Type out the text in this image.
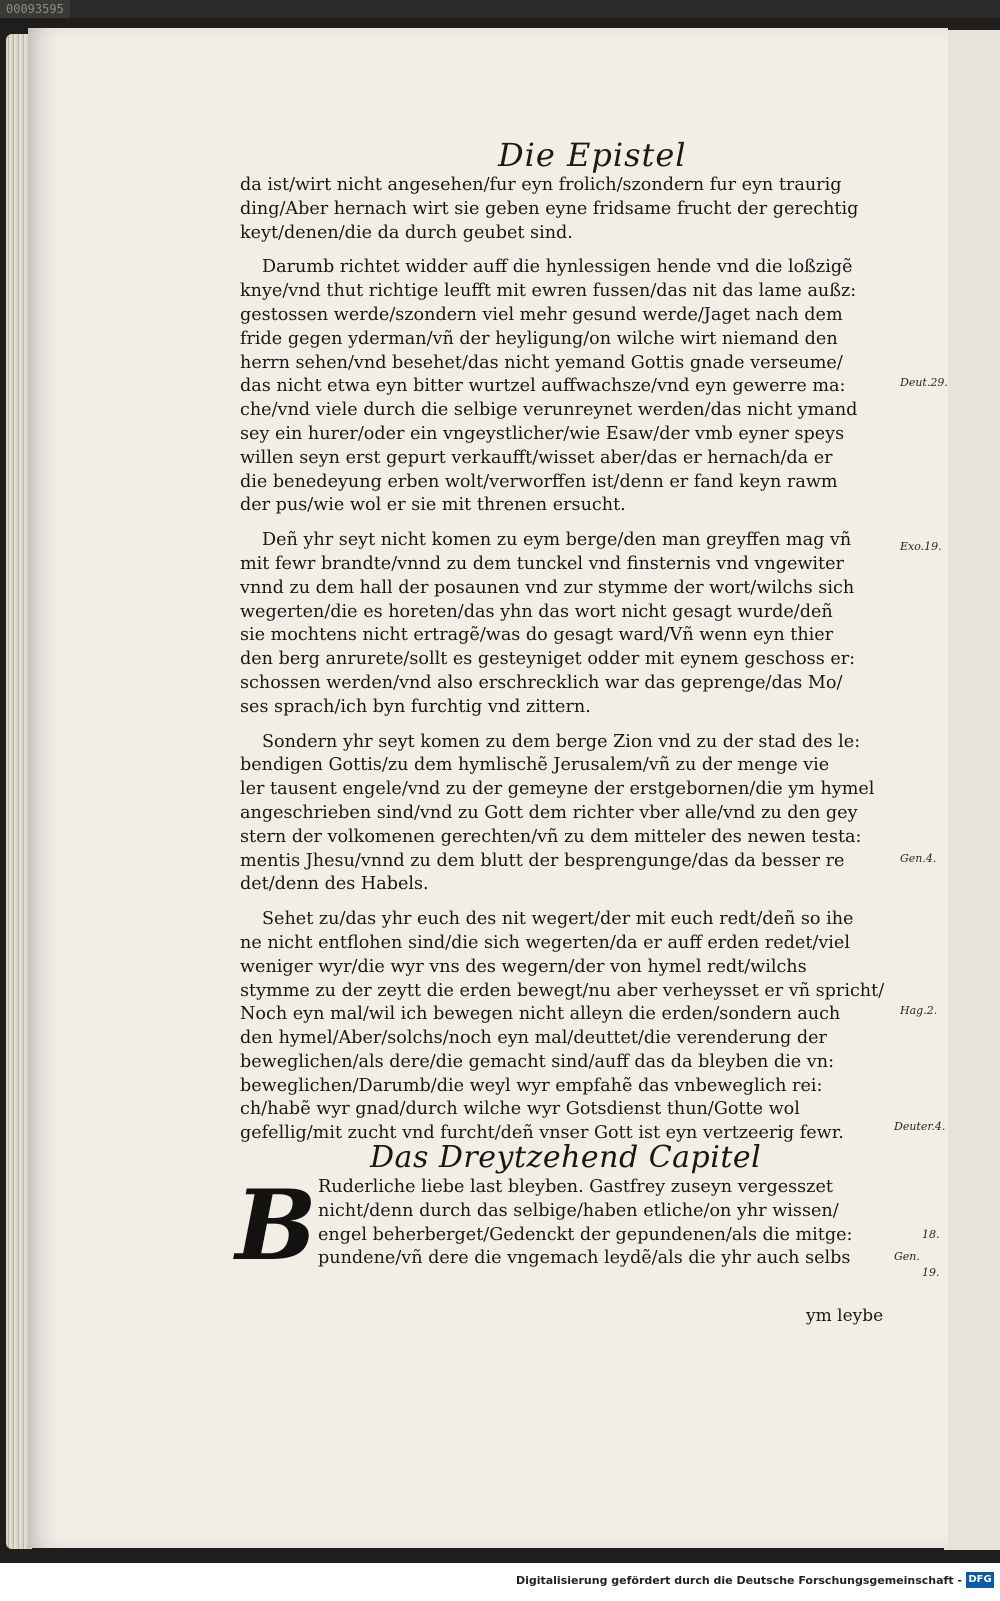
00093595
Die Epistel
da ist/wirt nicht angesehen/fur eyn frolich/szondern fur eyn traurig
ding/Aber hernach wirt sie geben eyne fridsame frucht der gerechtig
keyt/denen/die da durch geubet sind.
Darumb richtet widder auff die hynlessigen hende vnd die loßzigẽ
knye/vnd thut richtige leufft mit ewren fussen/das nit das lame außz:
gestossen werde/szondern viel mehr gesund werde/Jaget nach dem
fride gegen yderman/vñ der heyligung/on wilche wirt niemand den
herrn sehen/vnd besehet/das nicht yemand Gottis gnade verseume/
das nicht etwa eyn bitter wurtzel auffwachsze/vnd eyn gewerre ma:
che/vnd viele durch die selbige verunreynet werden/das nicht ymand
sey ein hurer/oder ein vngeystlicher/wie Esaw/der vmb eyner speys
willen seyn erst gepurt verkaufft/wisset aber/das er hernach/da er
die benedeyung erben wolt/verworffen ist/denn er fand keyn rawm
der pus/wie wol er sie mit threnen ersucht.
Deñ yhr seyt nicht komen zu eym berge/den man greyffen mag vñ
mit fewr brandte/vnnd zu dem tunckel vnd finsternis vnd vngewiter
vnnd zu dem hall der posaunen vnd zur stymme der wort/wilchs sich
wegerten/die es horeten/das yhn das wort nicht gesagt wurde/deñ
sie mochtens nicht ertragẽ/was do gesagt ward/Vñ wenn eyn thier
den berg anrurete/sollt es gesteyniget odder mit eynem geschoss er:
schossen werden/vnd also erschrecklich war das geprenge/das Mo/
ses sprach/ich byn furchtig vnd zittern.
Sondern yhr seyt komen zu dem berge Zion vnd zu der stad des le:
bendigen Gottis/zu dem hymlischẽ Jerusalem/vñ zu der menge vie
ler tausent engele/vnd zu der gemeyne der erstgebornen/die ym hymel
angeschrieben sind/vnd zu Gott dem richter vber alle/vnd zu den gey
stern der volkomenen gerechten/vñ zu dem mitteler des newen testa:
mentis Jhesu/vnnd zu dem blutt der besprengunge/das da besser re
det/denn des Habels.
Sehet zu/das yhr euch des nit wegert/der mit euch redt/deñ so ihe
ne nicht entflohen sind/die sich wegerten/da er auff erden redet/viel
weniger wyr/die wyr vns des wegern/der von hymel redt/wilchs
stymme zu der zeytt die erden bewegt/nu aber verheysset er vñ spricht/
Noch eyn mal/wil ich bewegen nicht alleyn die erden/sondern auch
den hymel/Aber/solchs/noch eyn mal/deuttet/die verenderung der
beweglichen/als dere/die gemacht sind/auff das da bleyben die vn:
beweglichen/Darumb/die weyl wyr empfahẽ das vnbeweglich rei:
ch/habẽ wyr gnad/durch wilche wyr Gotsdienst thun/Gotte wol
gefellig/mit zucht vnd furcht/deñ vnser Gott ist eyn vertzeerig fewr.
Das Dreytzehend Capitel
B Ruderliche liebe last bleyben. Gastfrey zuseyn vergesszet
nicht/denn durch das selbige/haben etliche/on yhr wissen/
engel beherberget/Gedenckt der gepundenen/als die mitge:
pundene/vñ dere die vngemach leydẽ/als die yhr auch selbs
ym leybe
Deut.29.
Exo.19.
Gen.4.
Hag.2.
Deuter.4.
Gen.
18.
19.
Digitalisierung gefördert durch die Deutsche Forschungsgemeinschaft - DFG
